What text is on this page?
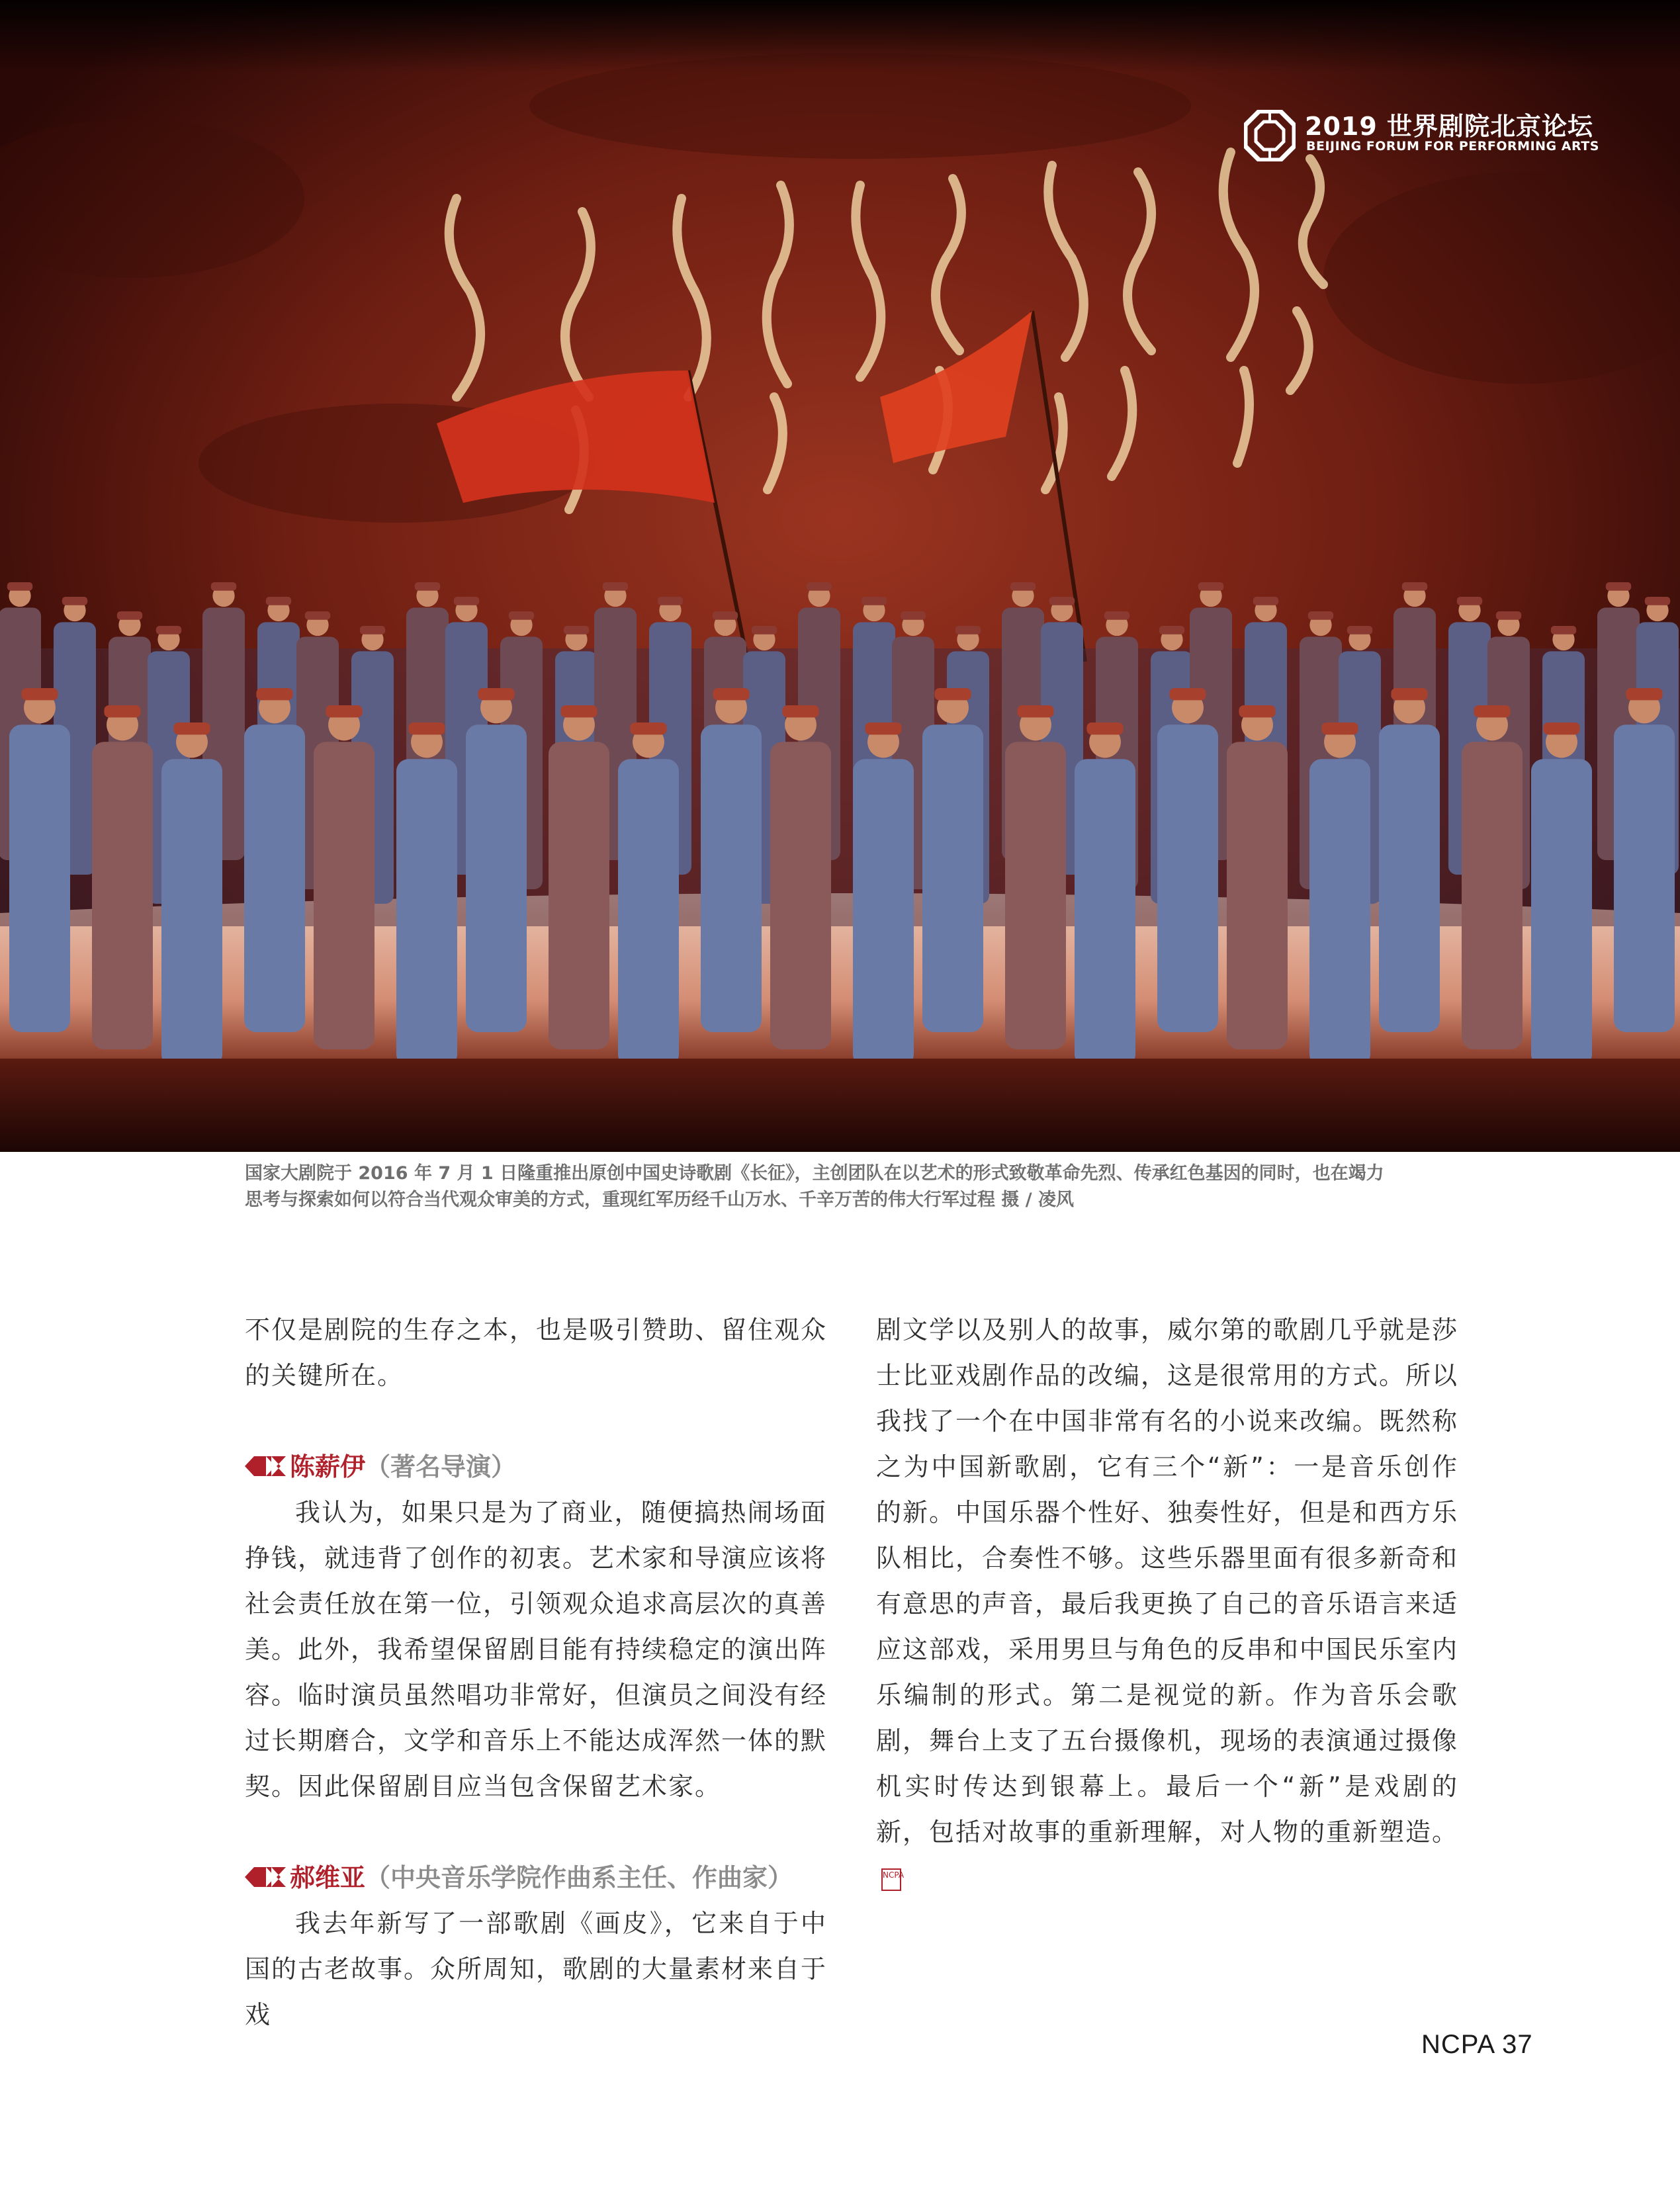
2019 世界剧院北京论坛
BEIJING FORUM FOR PERFORMING ARTS

国家大剧院于 2016 年 7 月 1 日隆重推出原创中国史诗歌剧《长征》，主创团队在以艺术的形式致敬革命先烈、传承红色基因的同时，也在竭力

思考与探索如何以符合当代观众审美的方式，重现红军历经千山万水、千辛万苦的伟大行军过程 摄 / 凌风

不仅是剧院的生存之本，也是吸引赞助、留住观众的关键所在。

陈薪伊（著名导演）

我认为，如果只是为了商业，随便搞热闹场面挣钱，就违背了创作的初衷。艺术家和导演应该将社会责任放在第一位，引领观众追求高层次的真善美。此外，我希望保留剧目能有持续稳定的演出阵容。临时演员虽然唱功非常好，但演员之间没有经过长期磨合，文学和音乐上不能达成浑然一体的默契。因此保留剧目应当包含保留艺术家。

郝维亚（中央音乐学院作曲系主任、作曲家）

我去年新写了一部歌剧《画皮》，它来自于中国的古老故事。众所周知，歌剧的大量素材来自于戏

剧文学以及别人的故事，威尔第的歌剧几乎就是莎士比亚戏剧作品的改编，这是很常用的方式。所以我找了一个在中国非常有名的小说来改编。既然称之为中国新歌剧，它有三个“新”：一是音乐创作的新。中国乐器个性好、独奏性好，但是和西方乐队相比，合奏性不够。这些乐器里面有很多新奇和有意思的声音，最后我更换了自己的音乐语言来适应这部戏，采用男旦与角色的反串和中国民乐室内乐编制的形式。第二是视觉的新。作为音乐会歌剧，舞台上支了五台摄像机，现场的表演通过摄像机实时传达到银幕上。最后一个“新”是戏剧的新，包括对故事的重新理解，对人物的重新塑造。NCPA

NCPA 37
